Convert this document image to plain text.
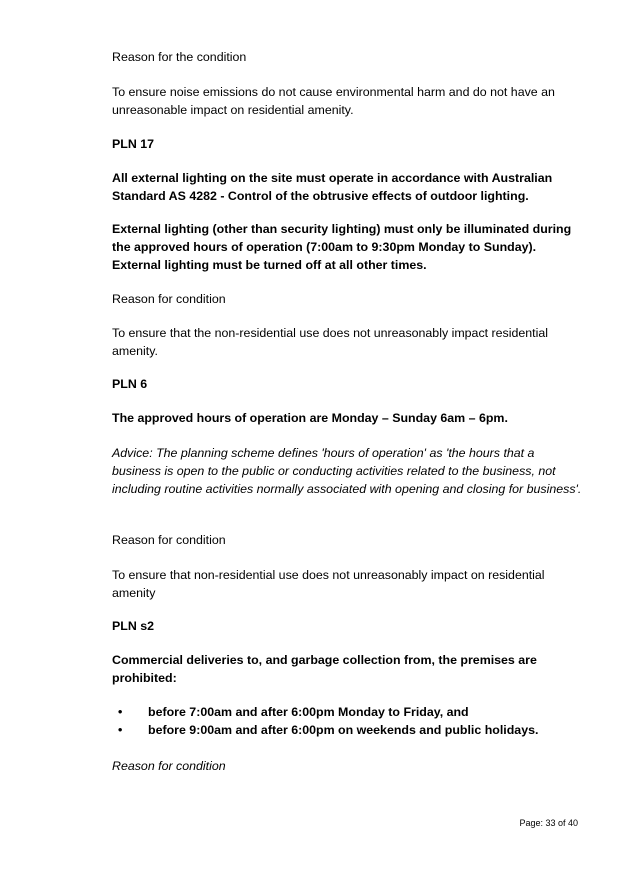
Reason for the condition

To ensure noise emissions do not cause environmental harm and do not have an unreasonable impact on residential amenity.

PLN 17

All external lighting on the site must operate in accordance with Australian Standard AS 4282 - Control of the obtrusive effects of outdoor lighting.

External lighting (other than security lighting) must only be illuminated during the approved hours of operation (7:00am to 9:30pm Monday to Sunday). External lighting must be turned off at all other times.

Reason for condition

To ensure that the non-residential use does not unreasonably impact residential amenity.

PLN 6

The approved hours of operation are Monday – Sunday 6am – 6pm.

Advice: The planning scheme defines 'hours of operation' as 'the hours that a business is open to the public or conducting activities related to the business, not including routine activities normally associated with opening and closing for business'.

Reason for condition

To ensure that non-residential use does not unreasonably impact on residential amenity

PLN s2

Commercial deliveries to, and garbage collection from, the premises are prohibited:

• before 7:00am and after 6:00pm Monday to Friday, and
• before 9:00am and after 6:00pm on weekends and public holidays.

Reason for condition

Page: 33 of 40
